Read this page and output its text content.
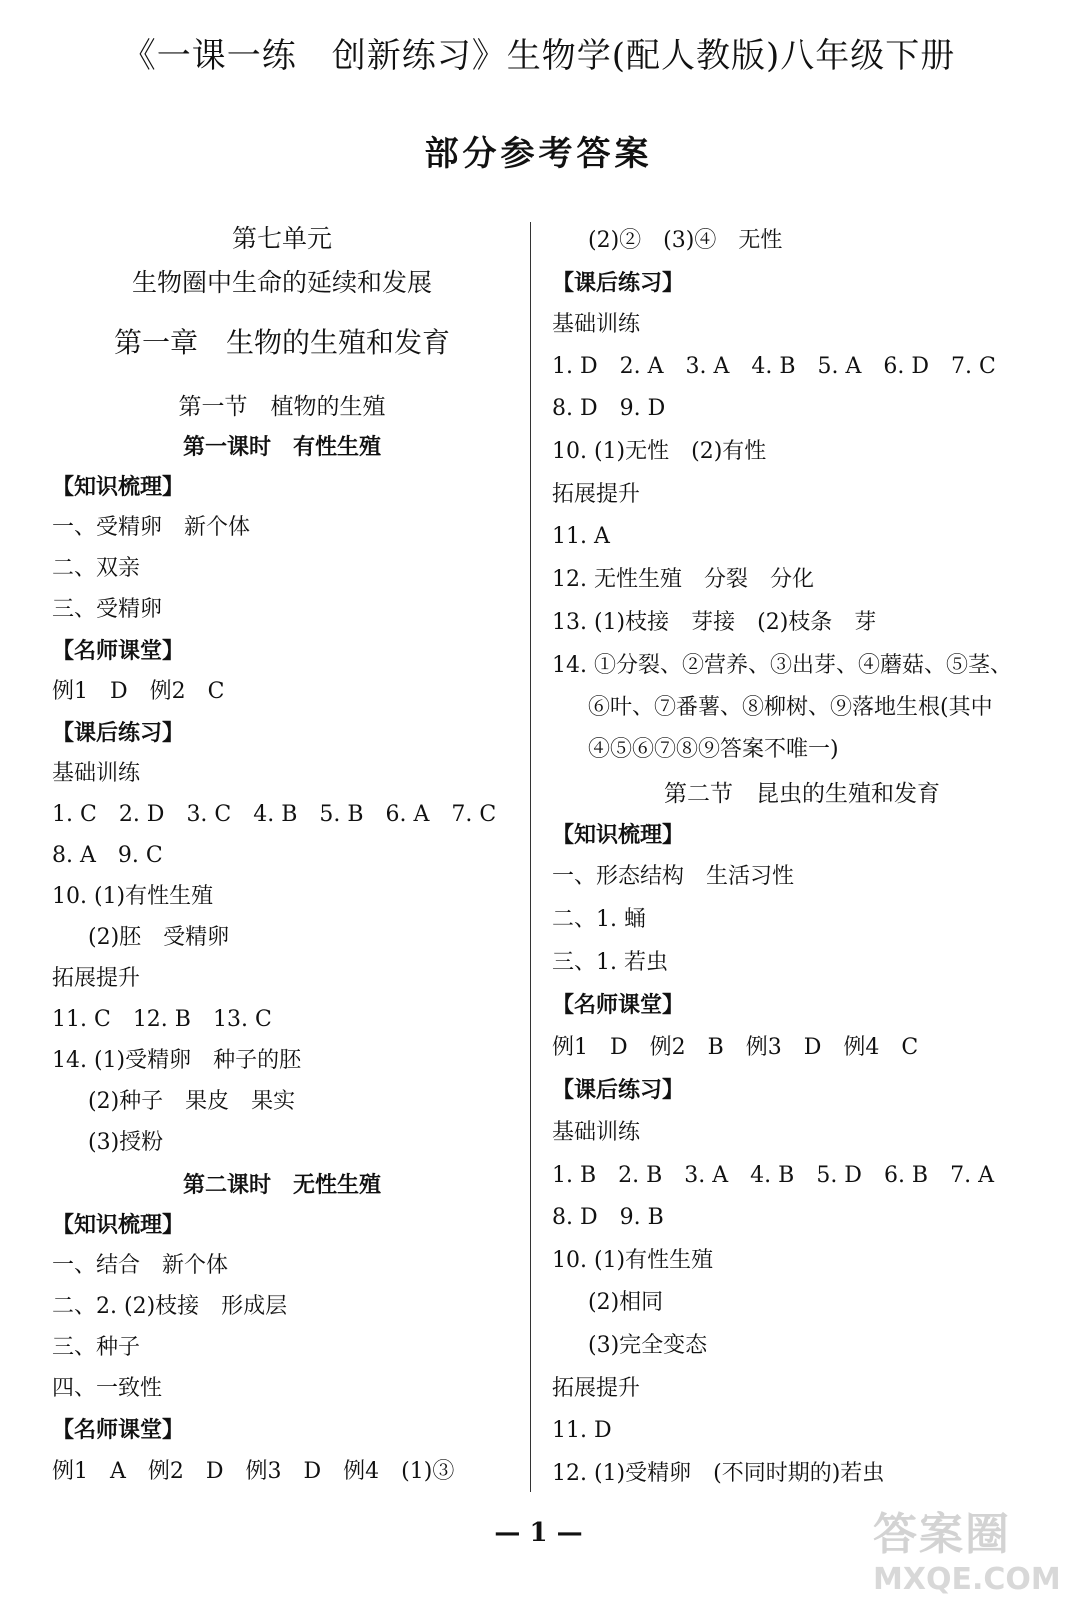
《一课一练　创新练习》生物学(配人教版)八年级下册
部分参考答案
第七单元
生物圈中生命的延续和发展
第一章　生物的生殖和发育
第一节　植物的生殖
第一课时　有性生殖
【知识梳理】
一、受精卵　新个体
二、双亲
三、受精卵
【名师课堂】
例1　D　例2　C
【课后练习】
基础训练
1. C　2. D　3. C　4. B　5. B　6. A　7. C
8. A　9. C
10. (1)有性生殖
(2)胚　受精卵
拓展提升
11. C　12. B　13. C
14. (1)受精卵　种子的胚
(2)种子　果皮　果实
(3)授粉
第二课时　无性生殖
【知识梳理】
一、结合　新个体
二、2. (2)枝接　形成层
三、种子
四、一致性
【名师课堂】
例1　A　例2　D　例3　D　例4　(1)③
(2)②　(3)④　无性
【课后练习】
基础训练
1. D　2. A　3. A　4. B　5. A　6. D　7. C
8. D　9. D
10. (1)无性　(2)有性
拓展提升
11. A
12. 无性生殖　分裂　分化
13. (1)枝接　芽接　(2)枝条　芽
14. ①分裂、②营养、③出芽、④蘑菇、⑤茎、
⑥叶、⑦番薯、⑧柳树、⑨落地生根(其中
④⑤⑥⑦⑧⑨答案不唯一)
第二节　昆虫的生殖和发育
【知识梳理】
一、形态结构　生活习性
二、1. 蛹
三、1. 若虫
【名师课堂】
例1　D　例2　B　例3　D　例4　C
【课后练习】
基础训练
1. B　2. B　3. A　4. B　5. D　6. B　7. A
8. D　9. B
10. (1)有性生殖
(2)相同
(3)完全变态
拓展提升
11. D
12. (1)受精卵　(不同时期的)若虫
— 1 —	答案圈
MXQE.COM
